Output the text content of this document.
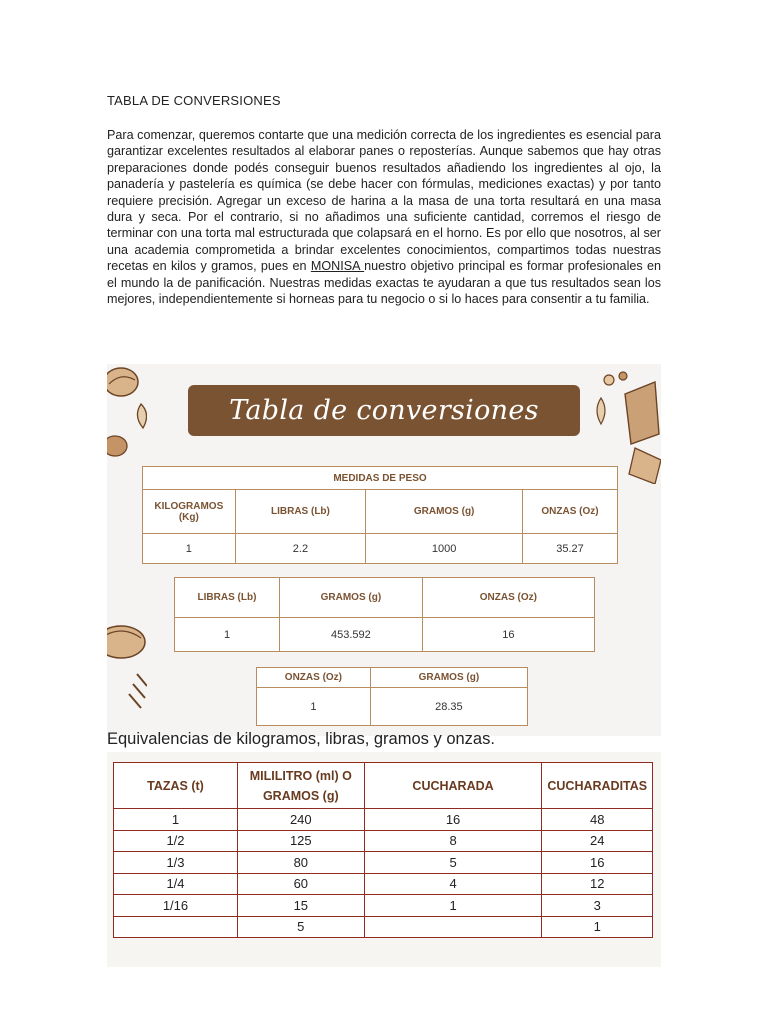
TABLA DE CONVERSIONES

Para comenzar, queremos contarte que una medición correcta de los ingredientes es esencial para garantizar excelentes resultados al elaborar panes o reposterías. Aunque sabemos que hay otras preparaciones donde podés conseguir buenos resultados añadiendo los ingredientes al ojo, la panadería y pastelería es química (se debe hacer con fórmulas, mediciones exactas) y por tanto requiere precisión. Agregar un exceso de harina a la masa de una torta resultará en una masa dura y seca. Por el contrario, si no añadimos una suficiente cantidad, corremos el riesgo de terminar con una torta mal estructurada que colapsará en el horno. Es por ello que nosotros, al ser una academia comprometida a brindar excelentes conocimientos, compartimos todas nuestras recetas en kilos y gramos, pues en MONISA nuestro objetivo principal es formar profesionales en el mundo la de panificación. Nuestras medidas exactas te ayudaran a que tus resultados sean los mejores, independientemente si horneas para tu negocio o si lo haces para consentir a tu familia.

Tabla de conversiones
MEDIDAS DE PESO			
KILOGRAMOS (Kg)	LIBRAS (Lb)	GRAMOS (g)	ONZAS (Oz)
1	2.2	1000	35.27
LIBRAS (Lb)	GRAMOS (g)	ONZAS (Oz)
1	453.592	16
ONZAS (Oz)	GRAMOS (g)
1	28.35
Equivalencias de kilogramos, libras, gramos y onzas.
TAZAS (t)	MILILITRO (ml) O GRAMOS (g)	CUCHARADA	CUCHARADITAS
1	240	16	48
1/2	125	8	24
1/3	80	5	16
1/4	60	4	12
1/16	15	1	3
	5		1
